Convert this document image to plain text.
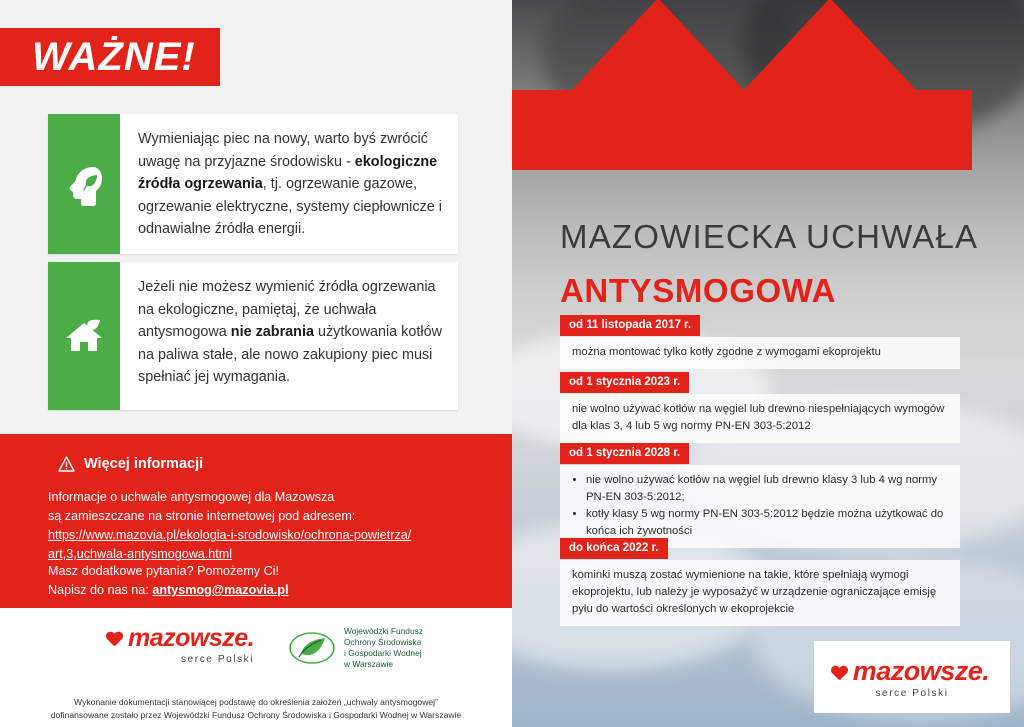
WAŻNE!
Wymieniając piec na nowy, warto byś zwrócić uwagę na przyjazne środowisku - ekologiczne źródła ogrzewania, tj. ogrzewanie gazowe, ogrzewanie elektryczne, systemy ciepłownicze i odnawialne źródła energii.
Jeżeli nie możesz wymienić źródła ogrzewania na ekologiczne, pamiętaj, że uchwała antysmogowa nie zabrania użytkowania kotłów na paliwa stałe, ale nowo zakupiony piec musi spełniać jej wymagania.
Więcej informacji
Informacje o uchwale antysmogowej dla Mazowsza
są zamieszczane na stronie internetowej pod adresem:
https://www.mazovia.pl/ekologia-i-srodowisko/ochrona-powietrza/
art,3,uchwala-antysmogowa.html
Masz dodatkowe pytania? Pomożemy Ci!
Napisz do nas na: antysmog@mazovia.pl
mazowsze.
serce Polski
Wojewódzki Fundusz
Ochrony Środowiska
i Gospodarki Wodnej
w Warszawie
Wykonanie dokumentacji stanowiącej podstawę do określenia założeń „uchwały antysmogowej”
dofinansowane zostało przez Wojewódzki Fundusz Ochrony Środowiska i Gospodarki Wodnej w Warszawie
MAZOWIECKA UCHWAŁA
ANTYSMOGOWA
od 11 listopada 2017 r.
można montować tylko kotły zgodne z wymogami ekoprojektu
od 1 stycznia 2023 r.
nie wolno używać kotłów na węgiel lub drewno niespełniających wymogów dla klas 3, 4 lub 5 wg normy PN-EN 303-5:2012
od 1 stycznia 2028 r.
• nie wolno używać kotłów na węgiel lub drewno klasy 3 lub 4 wg normy PN-EN 303-5:2012;
• kotły klasy 5 wg normy PN-EN 303-5:2012 będzie można użytkować do końca ich żywotności
do końca 2022 r.
kominki muszą zostać wymienione na takie, które spełniają wymogi ekoprojektu, lub należy je wyposażyć w urządzenie ograniczające emisję pyłu do wartości określonych w ekoprojekcie
mazowsze.
serce Polski
